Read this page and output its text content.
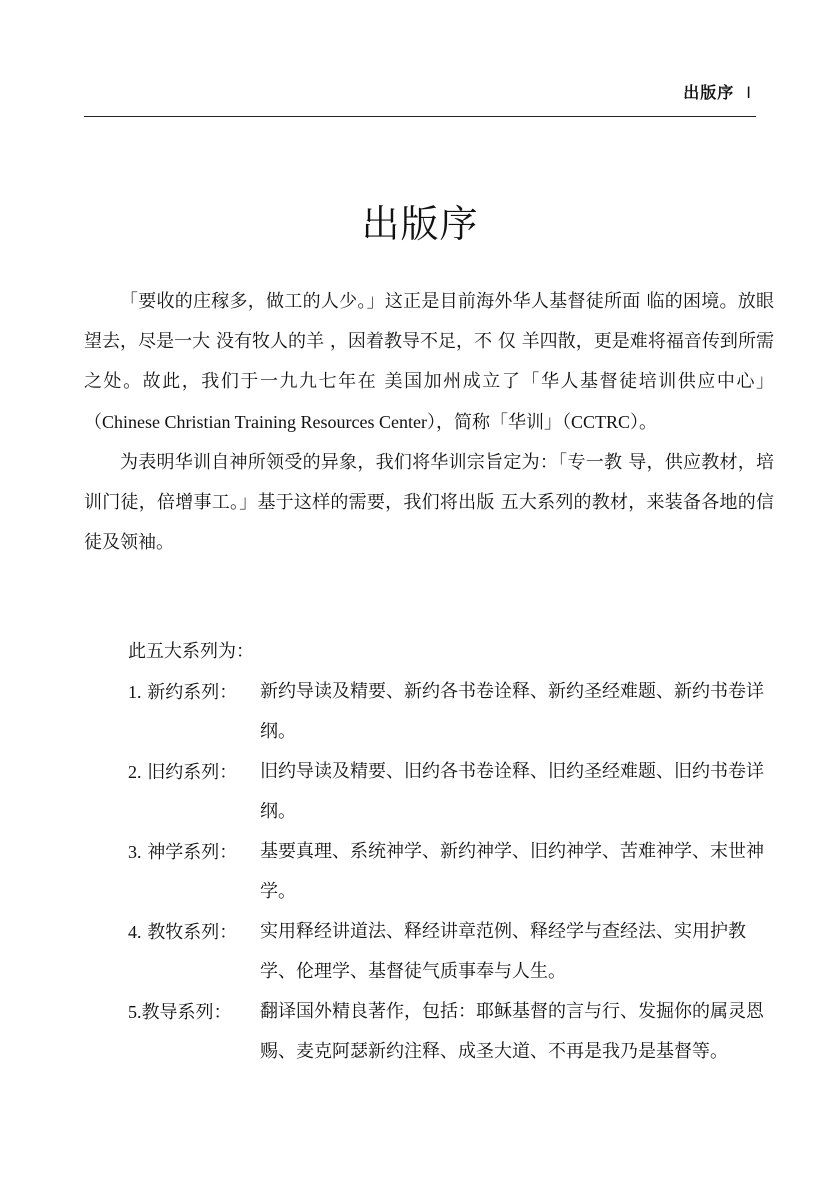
出版序 I
出版序

「要收的庄稼多，做工的人少。」这正是目前海外华人基督徒所面 临的困境。放眼望去，尽是一大 没有牧人的羊 ，因着教导不足，不 仅 羊四散，更是难将福音传到所需之处。故此，我们于一九九七年在 美国加州成立了「华人基督徒培训供应中心」（Chinese Christian Training Resources Center），简称「华训」（CCTRC）。

为表明华训自神所领受的异象，我们将华训宗旨定为：「专一教 导，供应教材，培训门徒，倍增事工。」基于这样的需要，我们将出版 五大系列的教材，来装备各地的信徒及领袖。

此五大系列为：
1. 新约系列： 新约导读及精要、新约各书卷诠释、新约圣经难题、新约书卷详纲。
2. 旧约系列： 旧约导读及精要、旧约各书卷诠释、旧约圣经难题、旧约书卷详纲。
3. 神学系列： 基要真理、系统神学、新约神学、旧约神学、苦难神学、末世神学。
4. 教牧系列： 实用释经讲道法、释经讲章范例、释经学与查经法、实用护教学、伦理学、基督徒气质事奉与人生。
5.教导系列： 翻译国外精良著作，包括：耶稣基督的言与行、发掘你的属灵恩赐、麦克阿瑟新约注释、成圣大道、不再是我乃是基督等。
